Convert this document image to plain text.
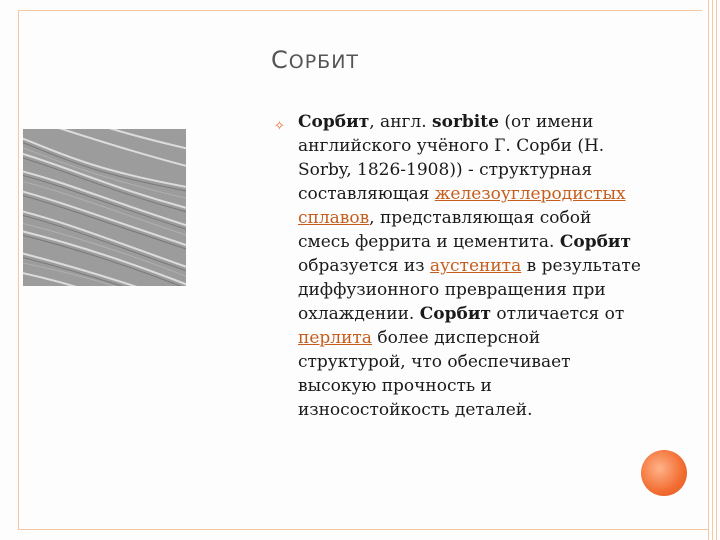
СОРБИТ
✧ Сорбит, англ. sorbite (от имени английского учёного Г. Сорби (H. Sorby, 1826-1908)) - структурная составляющая железоуглеродистых сплавов, представляющая собой смесь феррита и цементита. Сорбит образуется из аустенита в результате диффузионного превращения при охлаждении. Сорбит отличается от перлита более дисперсной структурой, что обеспечивает высокую прочность и износостойкость деталей.
